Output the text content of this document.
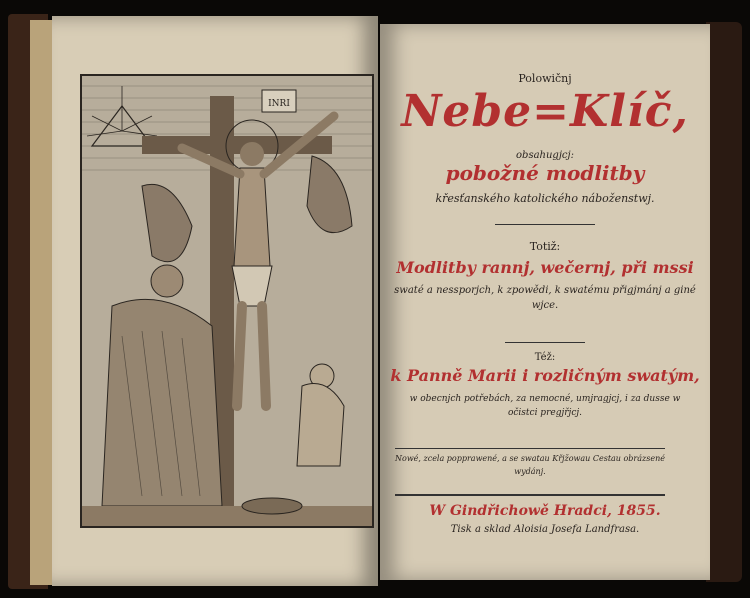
INRI

Polowičnj

Nebe=Klíč,

obsahugjcj:

pobožné modlitby

křesťanského katolického náboženstwj.

Totiž:

Modlitby rannj, wečernj, při mssi

swaté a nessporjch, k zpowědi, k swatému přigjmánj a giné wjce.

Též:

k Panně Marii i rozličným swatým,

w obecnjch potřebách, za nemocné, umjragjcj, i za dusse w očistci pregjřjcj.

Nowé, zcela popprawené, a se swatau Křjžowau Cestau obrázsené wydánj.

W Gindřichowě Hradci, 1855.

Tisk a sklad Aloisia Josefa Landfrasa.
